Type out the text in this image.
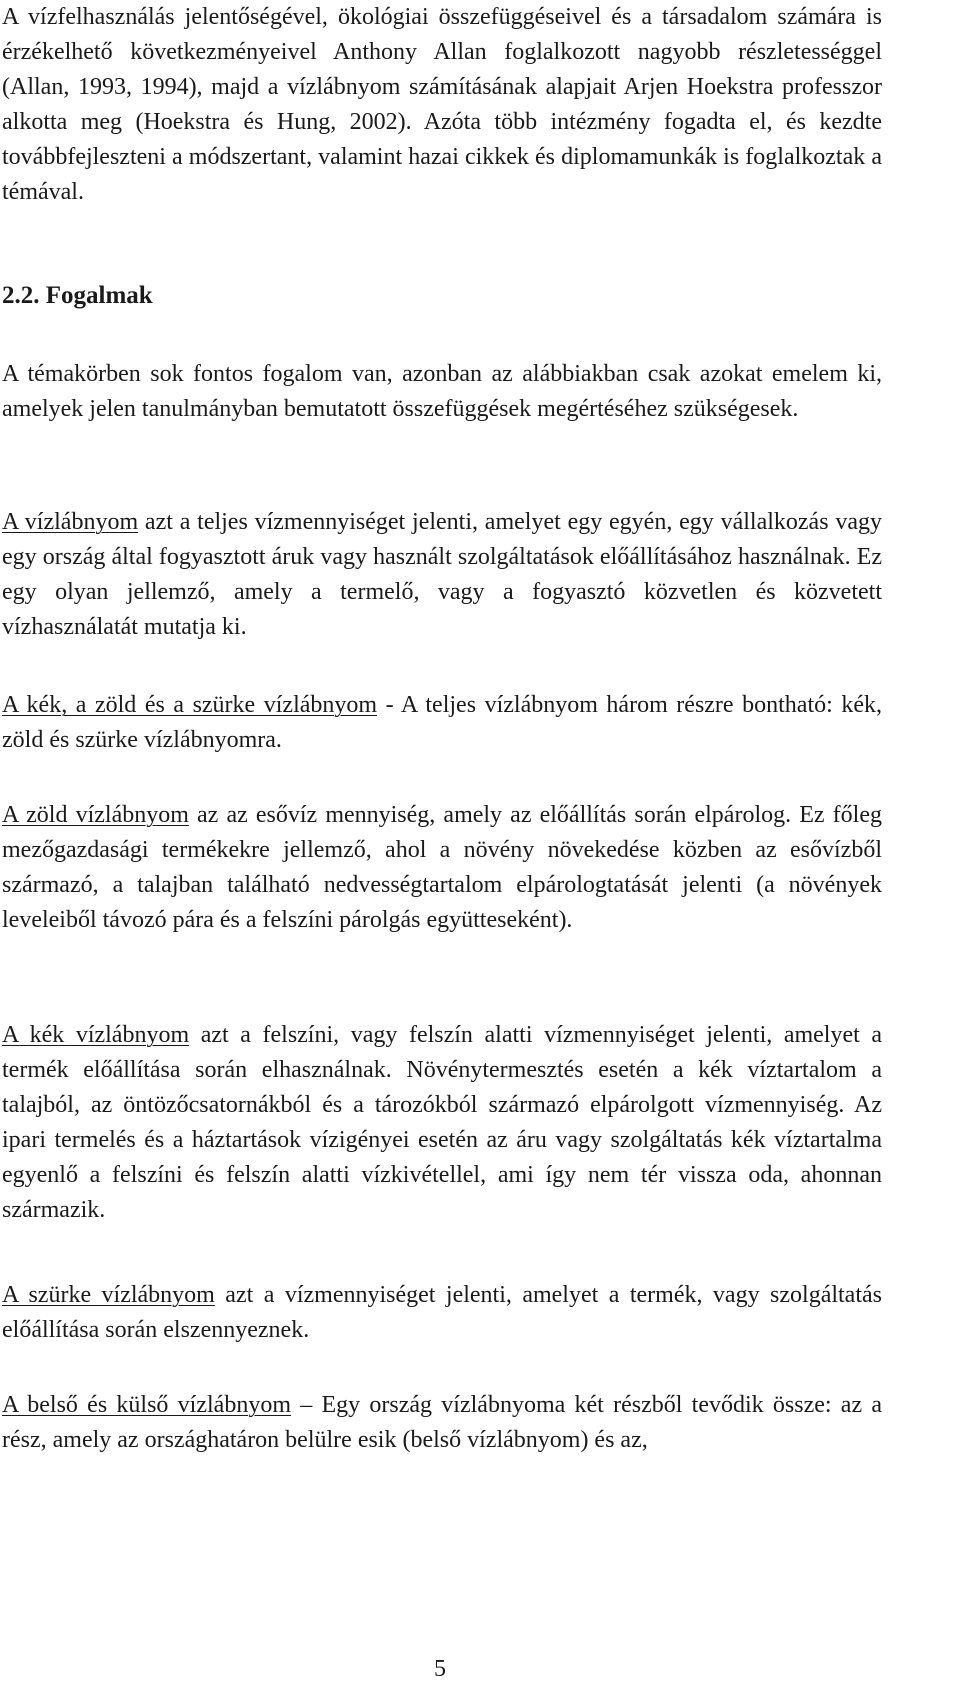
A vízfelhasználás jelentőségével, ökológiai összefüggéseivel és a társadalom számára is érzékelhető következményeivel Anthony Allan foglalkozott nagyobb részletességgel (Allan, 1993, 1994), majd a vízlábnyom számításának alapjait Arjen Hoekstra professzor alkotta meg (Hoekstra és Hung, 2002). Azóta több intézmény fogadta el, és kezdte továbbfejleszteni a módszertant, valamint hazai cikkek és diplomamunkák is foglalkoztak a témával.

2.2. Fogalmak

A témakörben sok fontos fogalom van, azonban az alábbiakban csak azokat emelem ki, amelyek jelen tanulmányban bemutatott összefüggések megértéséhez szükségesek.

A vízlábnyom azt a teljes vízmennyiséget jelenti, amelyet egy egyén, egy vállalkozás vagy egy ország által fogyasztott áruk vagy használt szolgáltatások előállításához használnak. Ez egy olyan jellemző, amely a termelő, vagy a fogyasztó közvetlen és közvetett vízhasználatát mutatja ki.

A kék, a zöld és a szürke vízlábnyom - A teljes vízlábnyom három részre bontható: kék, zöld és szürke vízlábnyomra.

A zöld vízlábnyom az az esővíz mennyiség, amely az előállítás során elpárolog. Ez főleg mezőgazdasági termékekre jellemző, ahol a növény növekedése közben az esővízből származó, a talajban található nedvességtartalom elpárologtatását jelenti (a növények leveleiből távozó pára és a felszíni párolgás együtteseként).

A kék vízlábnyom azt a felszíni, vagy felszín alatti vízmennyiséget jelenti, amelyet a termék előállítása során elhasználnak. Növénytermesztés esetén a kék víztartalom a talajból, az öntözőcsatornákból és a tározókból származó elpárolgott vízmennyiség. Az ipari termelés és a háztartások vízigényei esetén az áru vagy szolgáltatás kék víztartalma egyenlő a felszíni és felszín alatti vízkivétellel, ami így nem tér vissza oda, ahonnan származik.

A szürke vízlábnyom azt a vízmennyiséget jelenti, amelyet a termék, vagy szolgáltatás előállítása során elszennyeznek.

A belső és külső vízlábnyom – Egy ország vízlábnyoma két részből tevődik össze: az a rész, amely az országhatáron belülre esik (belső vízlábnyom) és az,

5
